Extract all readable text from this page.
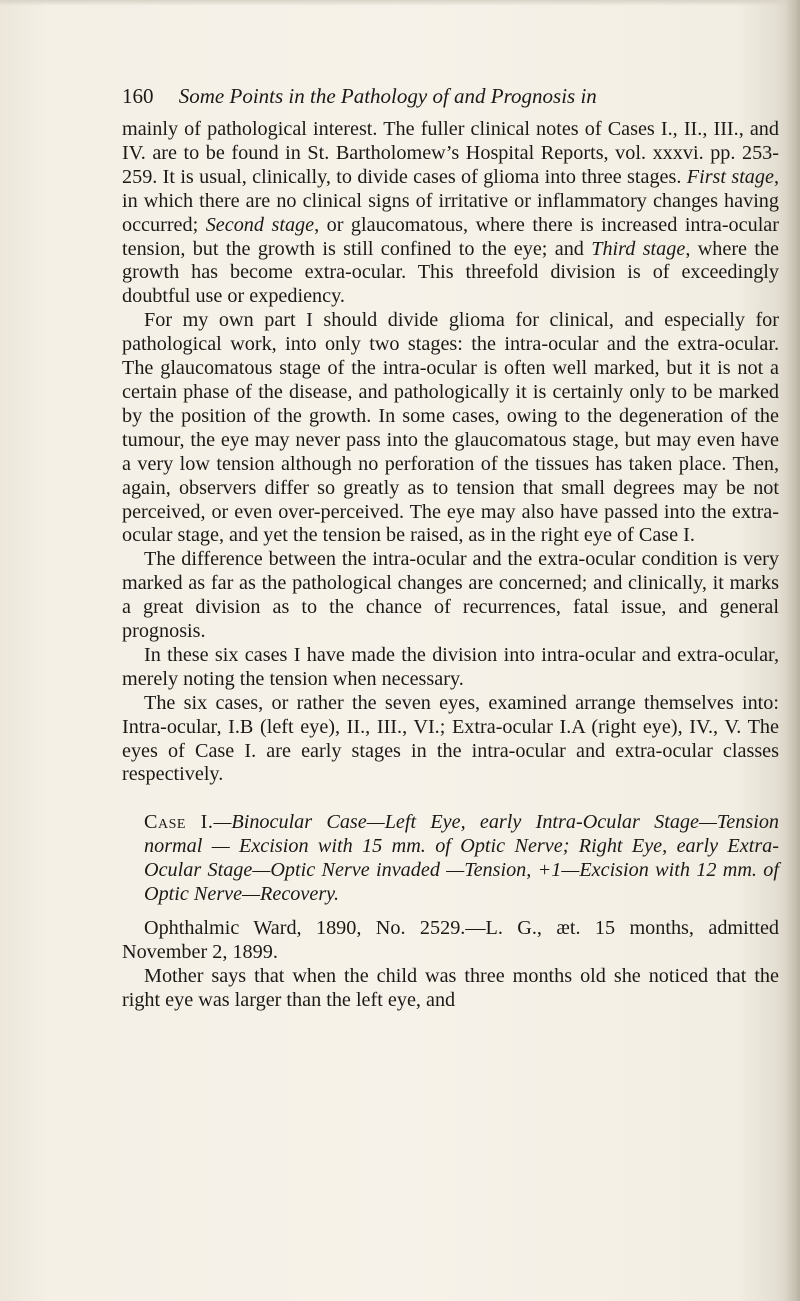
160 Some Points in the Pathology of and Prognosis in

mainly of pathological interest. The fuller clinical notes of Cases I., II., III., and IV. are to be found in St. Bartholomew’s Hospital Reports, vol. xxxvi. pp. 253-259. It is usual, clinically, to divide cases of glioma into three stages. First stage, in which there are no clinical signs of irritative or inflammatory changes having occurred; Second stage, or glaucomatous, where there is increased intra-ocular tension, but the growth is still confined to the eye; and Third stage, where the growth has become extra-ocular. This threefold division is of exceedingly doubtful use or expediency.

For my own part I should divide glioma for clinical, and especially for pathological work, into only two stages: the intra-ocular and the extra-ocular. The glaucomatous stage of the intra-ocular is often well marked, but it is not a certain phase of the disease, and pathologically it is certainly only to be marked by the position of the growth. In some cases, owing to the degeneration of the tumour, the eye may never pass into the glaucomatous stage, but may even have a very low tension although no perforation of the tissues has taken place. Then, again, observers differ so greatly as to tension that small degrees may be not perceived, or even over-perceived. The eye may also have passed into the extra-ocular stage, and yet the tension be raised, as in the right eye of Case I.

The difference between the intra-ocular and the extra-ocular condition is very marked as far as the pathological changes are concerned; and clinically, it marks a great division as to the chance of recurrences, fatal issue, and general prognosis.

In these six cases I have made the division into intra-ocular and extra-ocular, merely noting the tension when necessary.

The six cases, or rather the seven eyes, examined arrange themselves into: Intra-ocular, I.B (left eye), II., III., VI.; Extra-ocular I.A (right eye), IV., V. The eyes of Case I. are early stages in the intra-ocular and extra-ocular classes respectively.

Case I.—Binocular Case—Left Eye, early Intra-Ocular Stage—Tension normal — Excision with 15 mm. of Optic Nerve; Right Eye, early Extra-Ocular Stage—Optic Nerve invaded —Tension, +1—Excision with 12 mm. of Optic Nerve—Recovery.

Ophthalmic Ward, 1890, No. 2529.—L. G., æt. 15 months, admitted November 2, 1899.

Mother says that when the child was three months old she noticed that the right eye was larger than the left eye, and
